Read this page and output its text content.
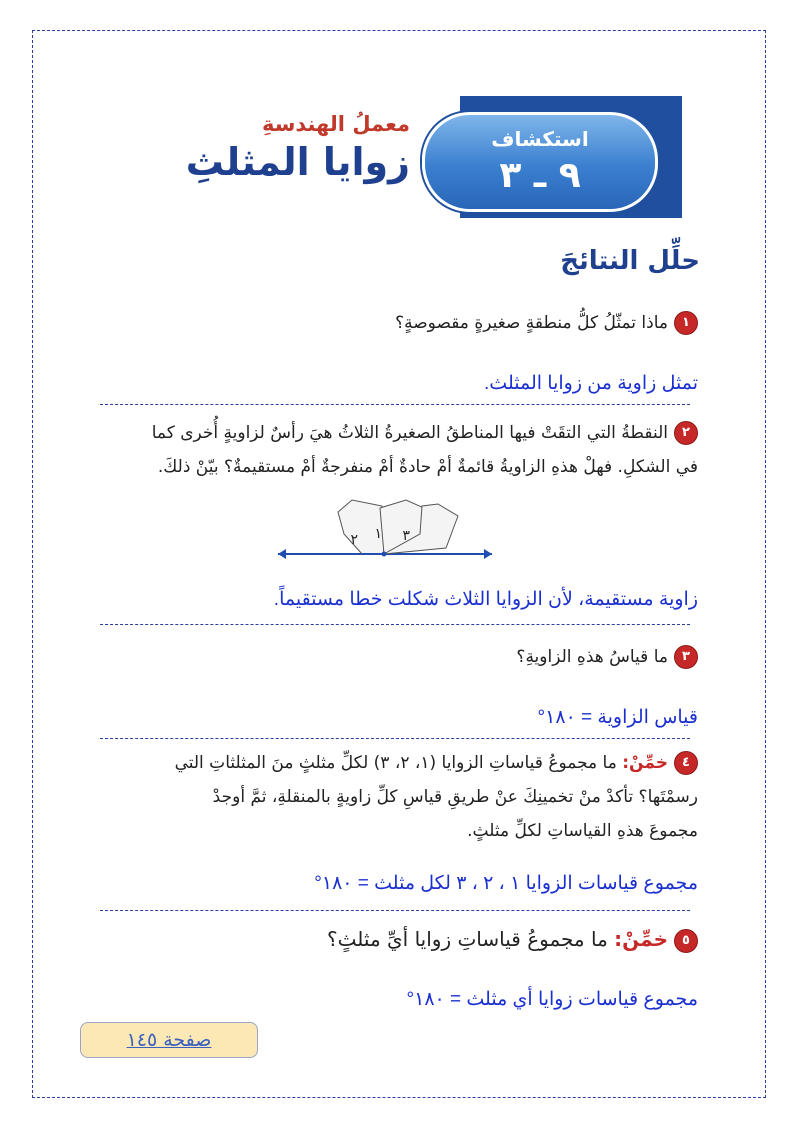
استكشاف
٩ ـ ٣
معملُ الهندسةِ
زوايا المثلثِ
حلِّل النتائجَ
١ماذا تمثّلُ كلُّ منطقةٍ صغيرةٍ مقصوصةٍ؟
تمثل زاوية من زوايا المثلث.
٢النقطةُ التي التقَتْ فيها المناطقُ الصغيرةُ الثلاثُ هيَ رأسٌ لزاويةٍ أُخرى كما
في الشكلِ. فهلْ هذهِ الزاويةُ قائمةٌ أمْ حادةٌ أمْ منفرجةٌ أمْ مستقيمةٌ؟ بيّنْ ذلكَ.
٢ ١ ٣
زاوية مستقيمة، لأن الزوايا الثلاث شكلت خطا مستقيماً.
٣ما قياسُ هذهِ الزاويةِ؟
قياس الزاوية = ١٨٠°
٤خمِّنْ: ما مجموعُ قياساتِ الزوايا (١، ٢، ٣) لكلِّ مثلثٍ منَ المثلثاتِ التي
رسمْتَها؟ تأكدْ منْ تخمينِكَ عنْ طريقِ قياسِ كلِّ زاويةٍ بالمنقلةِ، ثمَّ أوجدْ
مجموعَ هذهِ القياساتِ لكلِّ مثلثٍ.
مجموع قياسات الزوايا ١ ، ٢ ، ٣ لكل مثلث = ١٨٠°
٥خمِّنْ: ما مجموعُ قياساتِ زوايا أيِّ مثلثٍ؟
مجموع قياسات زوايا أي مثلث = ١٨٠°
صفحة ١٤٥
